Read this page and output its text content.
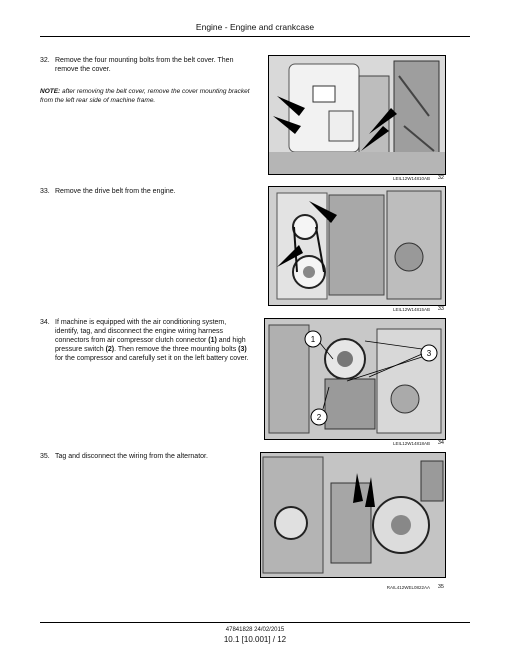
Engine - Engine and crankcase
32. Remove the four mounting bolts from the belt cover. Then remove the cover.
NOTE: after removing the belt cover, remove the cover mounting bracket from the left rear side of machine frame.
LEIL12W14810AB	32
33. Remove the drive belt from the engine.
LEIL12W14815AB	33
34. If machine is equipped with the air conditioning system, identify, tag, and disconnect the engine wiring harness connectors from air compressor clutch connector (1) and high pressure switch (2). Then remove the three mounting bolts (3) for the compressor and carefully set it on the left battery cover.
1
2
3
LEIL12W14818AB	34
35. Tag and disconnect the wiring from the alternator.
RAIL412WEL0822AA	35
47841828 24/02/2015
10.1 [10.001] / 12
